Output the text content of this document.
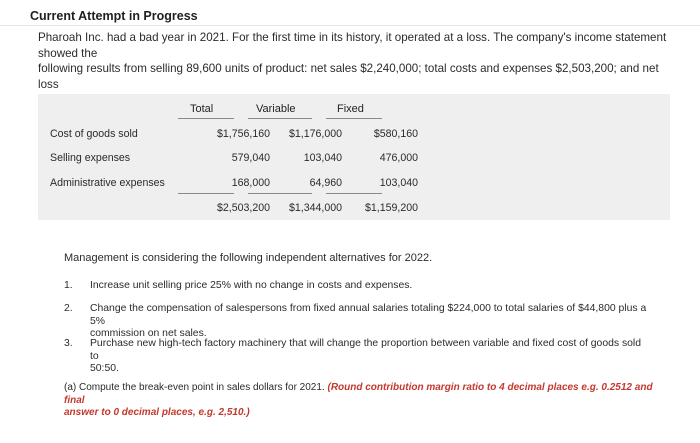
Current Attempt in Progress
Pharoah Inc. had a bad year in 2021. For the first time in its history, it operated at a loss. The company's income statement showed the
following results from selling 89,600 units of product: net sales $2,240,000; total costs and expenses $2,503,200; and net loss
Total	Variable	Fixed
Cost of goods sold	$1,756,160 $1,176,000	$580,160
Selling expenses	579,040	103,040	476,000
Administrative expenses	168,000	64,960	103,040
$2,503,200 $1,344,000 $1,159,200
Management is considering the following independent alternatives for 2022.
1. Increase unit selling price 25% with no change in costs and expenses.
2. Change the compensation of salespersons from fixed annual salaries totaling $224,000 to total salaries of $44,800 plus a 5%
commission on net sales.
3. Purchase new high-tech factory machinery that will change the proportion between variable and fixed cost of goods sold to
50:50.
(a) Compute the break-even point in sales dollars for 2021. (Round contribution margin ratio to 4 decimal places e.g. 0.2512 and final
answer to 0 decimal places, e.g. 2,510.)
